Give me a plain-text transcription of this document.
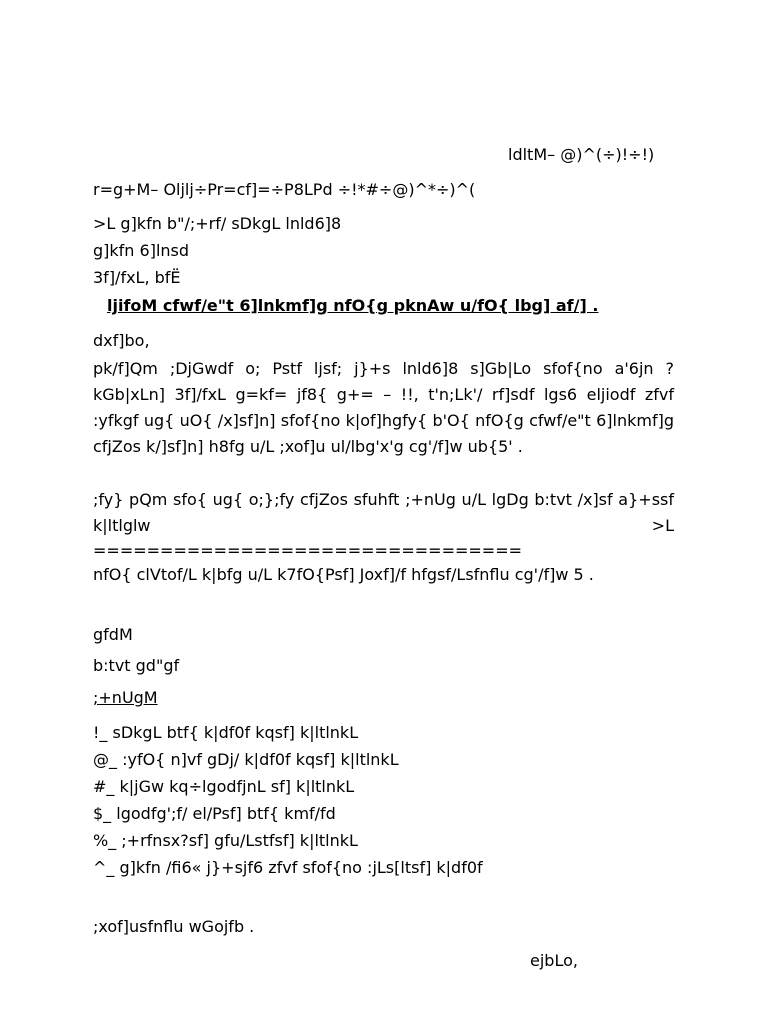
ldltM– @)^(÷)!÷!)
r=g+M– Oljlj÷Pr=cf]=÷P8LPd ÷!*#÷@)^*÷)^(
>L g]kfn b"/;+rf/ sDkgL lnld6]8
g]kfn 6]lnsd
3f]/fxL, bfË
ljifoM cfwf/e"t 6]lnkmf]g nfO{g pknAw u/fO{ lbg] af/] .
dxf]bo,
pk/f]Qm ;DjGwdf o; Pstf ljsf; j}+s lnld6]8 s]Gb|Lo sfof{no a'6jn ? kGb|xLn] 3f]/fxL g=kf= jf8{ g+= – !!, t'n;Lk'/ rf]sdf lgs6 eljiodf zfvf :yfkgf ug{ uO{ /x]sf]n] sfof{no k|of]hgfy{ b'O{ nfO{g cfwf/e"t 6]lnkmf]g cfjZos k/]sf]n] h8fg u/L ;xof]u ul/lbg'x'g cg'/f]w ub{5' .
;fy} pQm sfo{ ug{ o;};fy cfjZos sfuhft ;+nUg u/L lgDg b:tvt /x]sf a}+ssf k|ltlglw >L
================================
nfO{ clVtof/L k|bfg u/L k7fO{Psf] Joxf]/f hfgsf/Lsfnflu cg'/f]w 5 .
gfdM
b:tvt gd"gf
;+nUgM
!_ sDkgL btf{ k|df0f kqsf] k|ltlnkL
@_ :yfO{ n]vf gDj/ k|df0f kqsf] k|ltlnkL
#_ k|jGw kq÷lgodfjnL sf] k|ltlnkL
$_ lgodfg';f/ el/Psf] btf{ kmf/fd
%_ ;+rfnsx?sf] gfu/Lstfsf] k|ltlnkL
^_ g]kfn /fi6« j}+sjf6 zfvf sfof{no :jLs[ltsf] k|df0f
;xof]usfnflu wGojfb .
ejbLo,
